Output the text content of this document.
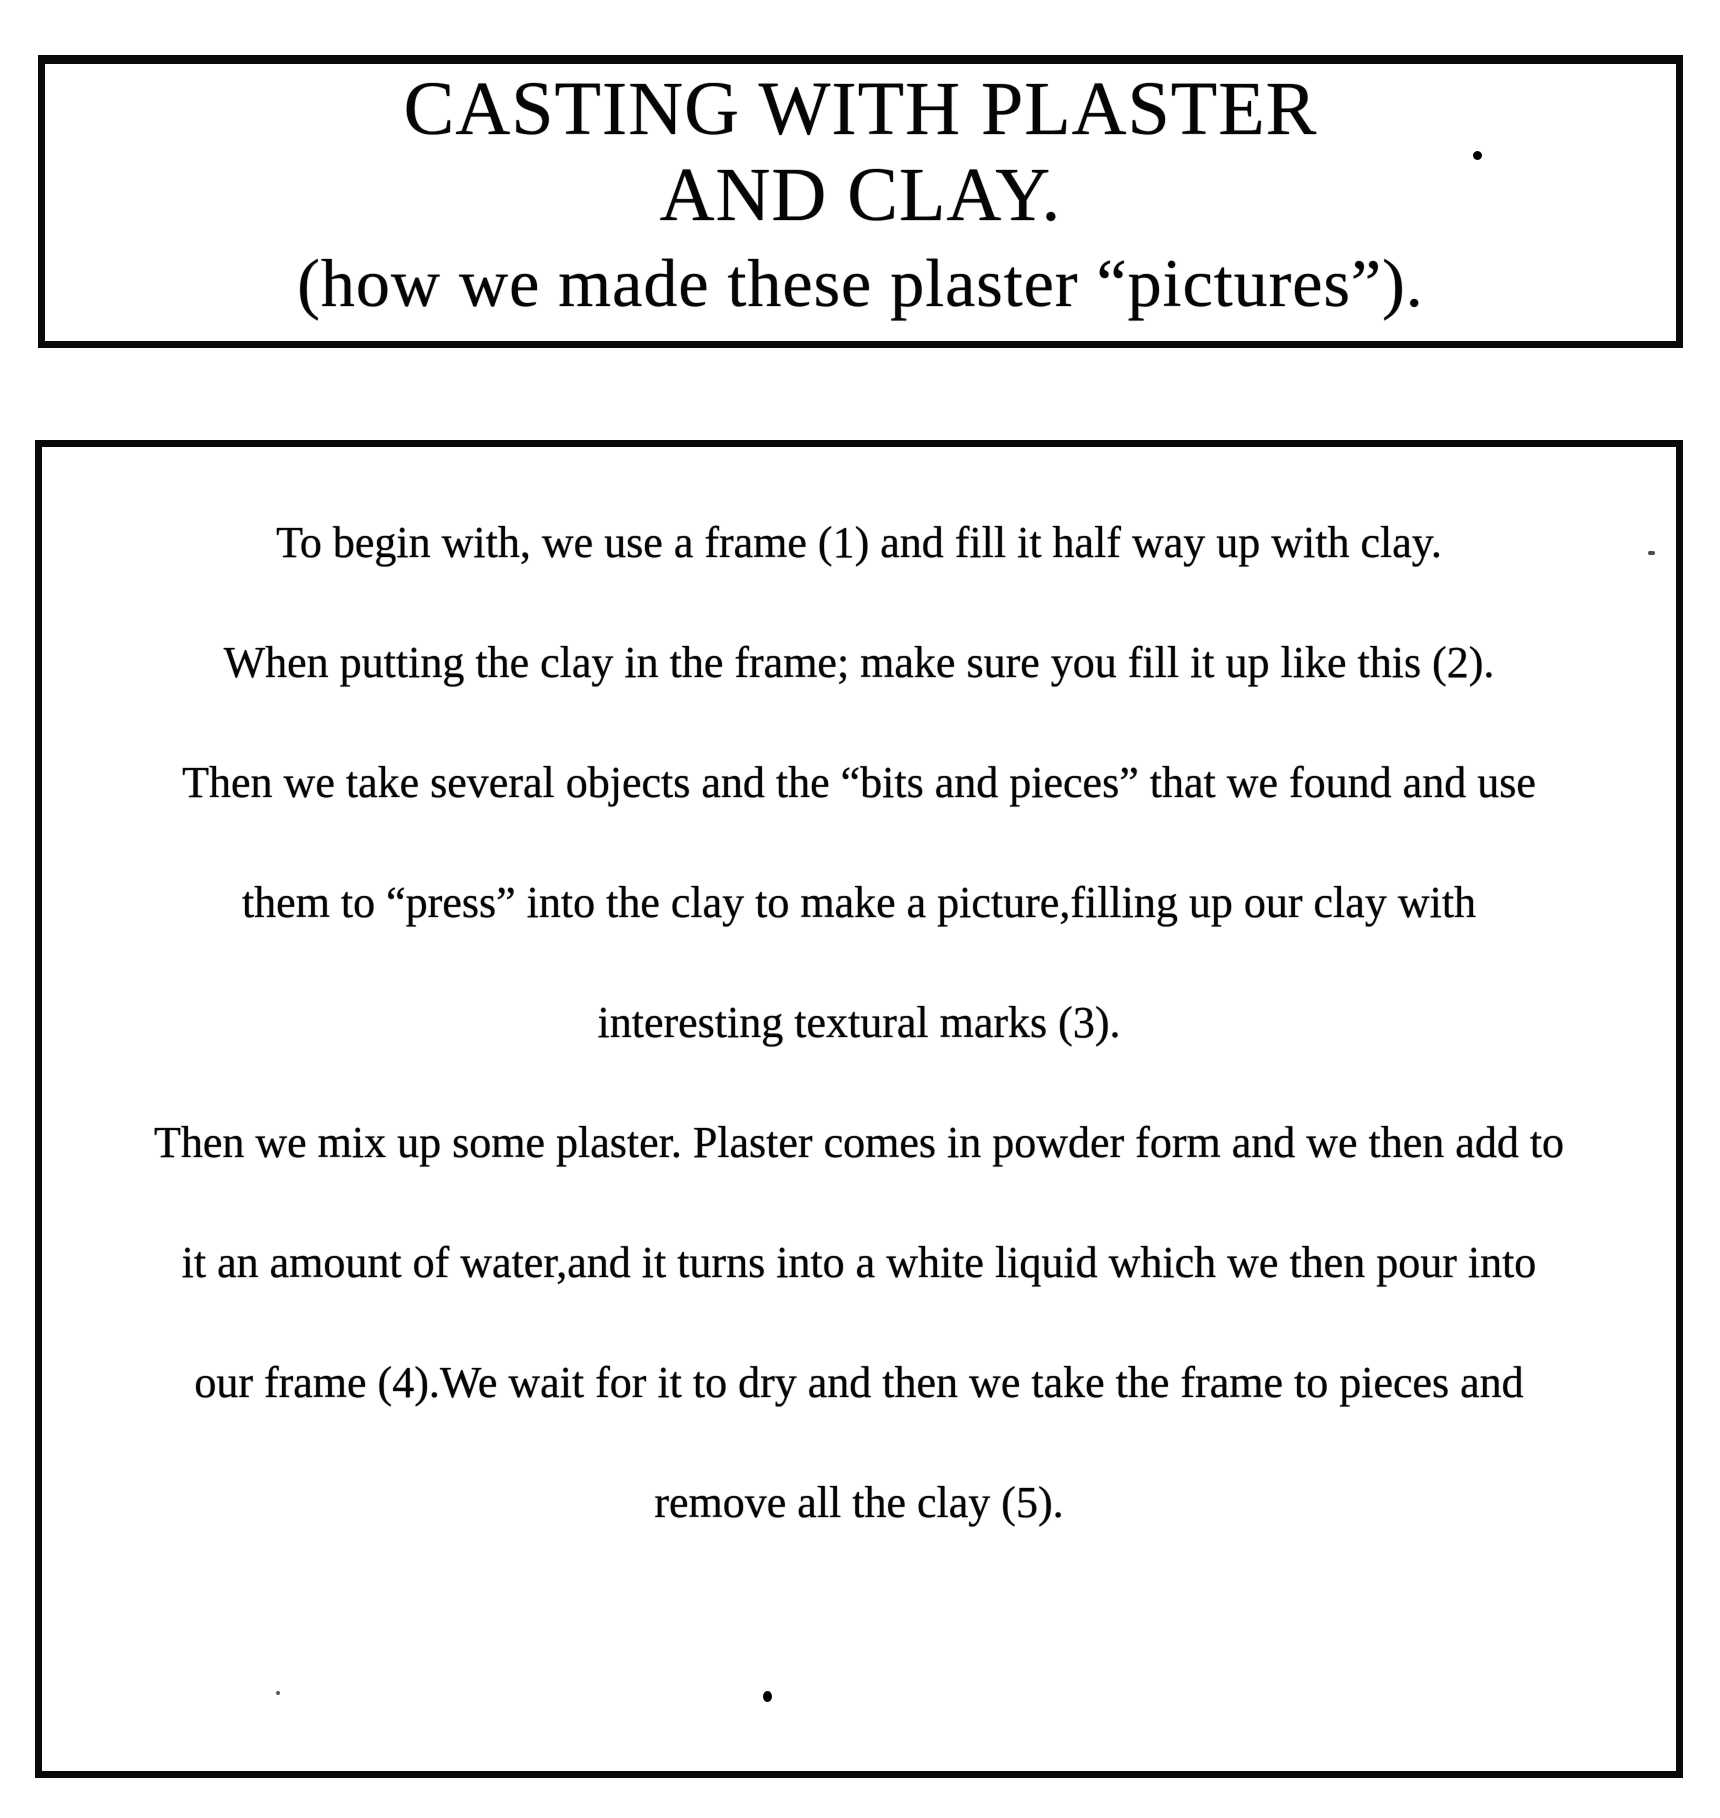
CASTING WITH PLASTER
AND CLAY.
(how we made these plaster “pictures”).
To begin with, we use a frame (1) and fill it half way up with clay.
When putting the clay in the frame; make sure you fill it up like this (2).
Then we take several objects and the “bits and pieces” that we found and use
them to “press” into the clay to make a picture,filling up our clay with
interesting textural marks (3).
Then we mix up some plaster. Plaster comes in powder form and we then add to
it an amount of water,and it turns into a white liquid which we then pour into
our frame (4).We wait for it to dry and then we take the frame to pieces and
remove all the clay (5).
